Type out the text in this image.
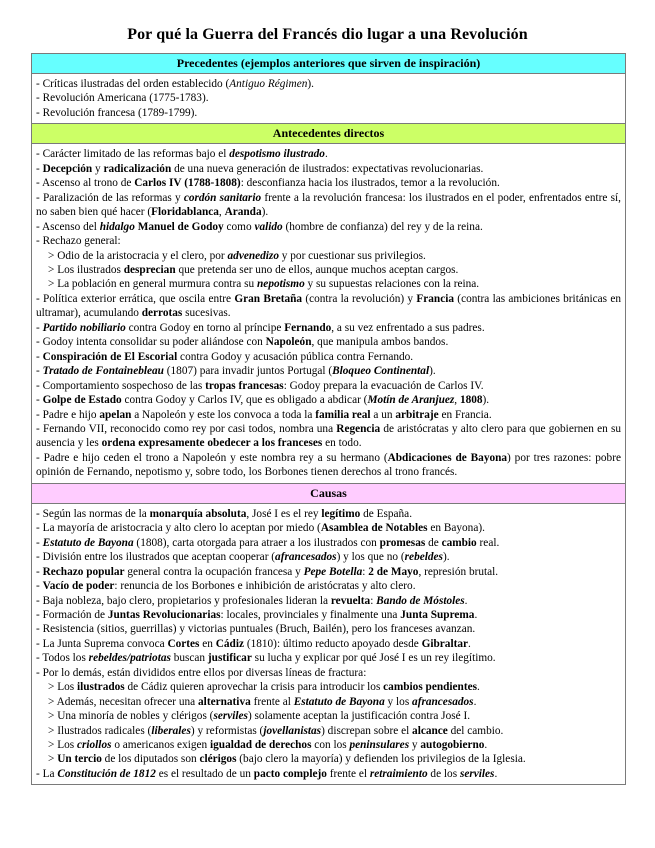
Por qué la Guerra del Francés dio lugar a una Revolución
Precedentes (ejemplos anteriores que sirven de inspiración)
- Críticas ilustradas del orden establecido (Antiguo Régimen).
- Revolución Americana (1775-1783).
- Revolución francesa (1789-1799).
Antecedentes directos
- Carácter limitado de las reformas bajo el despotismo ilustrado.
- Decepción y radicalización de una nueva generación de ilustrados: expectativas revolucionarias.
- Ascenso al trono de Carlos IV (1788-1808): desconfianza hacia los ilustrados, temor a la revolución.
- Paralización de las reformas y cordón sanitario frente a la revolución francesa: los ilustrados en el poder, enfrentados entre sí, no saben bien qué hacer (Floridablanca, Aranda).
- Ascenso del hidalgo Manuel de Godoy como valido (hombre de confianza) del rey y de la reina.
- Rechazo general:
> Odio de la aristocracia y el clero, por advenedizo y por cuestionar sus privilegios.
> Los ilustrados desprecian que pretenda ser uno de ellos, aunque muchos aceptan cargos.
> La población en general murmura contra su nepotismo y su supuestas relaciones con la reina.
- Política exterior errática, que oscila entre Gran Bretaña (contra la revolución) y Francia (contra las ambiciones británicas en ultramar), acumulando derrotas sucesivas.
- Partido nobiliario contra Godoy en torno al príncipe Fernando, a su vez enfrentado a sus padres.
- Godoy intenta consolidar su poder aliándose con Napoleón, que manipula ambos bandos.
- Conspiración de El Escorial contra Godoy y acusación pública contra Fernando.
- Tratado de Fontainebleau (1807) para invadir juntos Portugal (Bloqueo Continental).
- Comportamiento sospechoso de las tropas francesas: Godoy prepara la evacuación de Carlos IV.
- Golpe de Estado contra Godoy y Carlos IV, que es obligado a abdicar (Motín de Aranjuez, 1808).
- Padre e hijo apelan a Napoleón y este los convoca a toda la familia real a un arbitraje en Francia.
- Fernando VII, reconocido como rey por casi todos, nombra una Regencia de aristócratas y alto clero para que gobiernen en su ausencia y les ordena expresamente obedecer a los franceses en todo.
- Padre e hijo ceden el trono a Napoleón y este nombra rey a su hermano (Abdicaciones de Bayona) por tres razones: pobre opinión de Fernando, nepotismo y, sobre todo, los Borbones tienen derechos al trono francés.
Causas
- Según las normas de la monarquía absoluta, José I es el rey legítimo de España.
- La mayoría de aristocracia y alto clero lo aceptan por miedo (Asamblea de Notables en Bayona).
- Estatuto de Bayona (1808), carta otorgada para atraer a los ilustrados con promesas de cambio real.
- División entre los ilustrados que aceptan cooperar (afrancesados) y los que no (rebeldes).
- Rechazo popular general contra la ocupación francesa y Pepe Botella: 2 de Mayo, represión brutal.
- Vacío de poder: renuncia de los Borbones e inhibición de aristócratas y alto clero.
- Baja nobleza, bajo clero, propietarios y profesionales lideran la revuelta: Bando de Móstoles.
- Formación de Juntas Revolucionarias: locales, provinciales y finalmente una Junta Suprema.
- Resistencia (sitios, guerrillas) y victorias puntuales (Bruch, Bailén), pero los franceses avanzan.
- La Junta Suprema convoca Cortes en Cádiz (1810): último reducto apoyado desde Gibraltar.
- Todos los rebeldes/patriotas buscan justificar su lucha y explicar por qué José I es un rey ilegítimo.
- Por lo demás, están divididos entre ellos por diversas líneas de fractura:
> Los ilustrados de Cádiz quieren aprovechar la crisis para introducir los cambios pendientes.
> Además, necesitan ofrecer una alternativa frente al Estatuto de Bayona y los afrancesados.
> Una minoría de nobles y clérigos (serviles) solamente aceptan la justificación contra José I.
> Ilustrados radicales (liberales) y reformistas (jovellanistas) discrepan sobre el alcance del cambio.
> Los criollos o americanos exigen igualdad de derechos con los peninsulares y autogobierno.
> Un tercio de los diputados son clérigos (bajo clero la mayoría) y defienden los privilegios de la Iglesia.
- La Constitución de 1812 es el resultado de un pacto complejo frente el retraimiento de los serviles.
